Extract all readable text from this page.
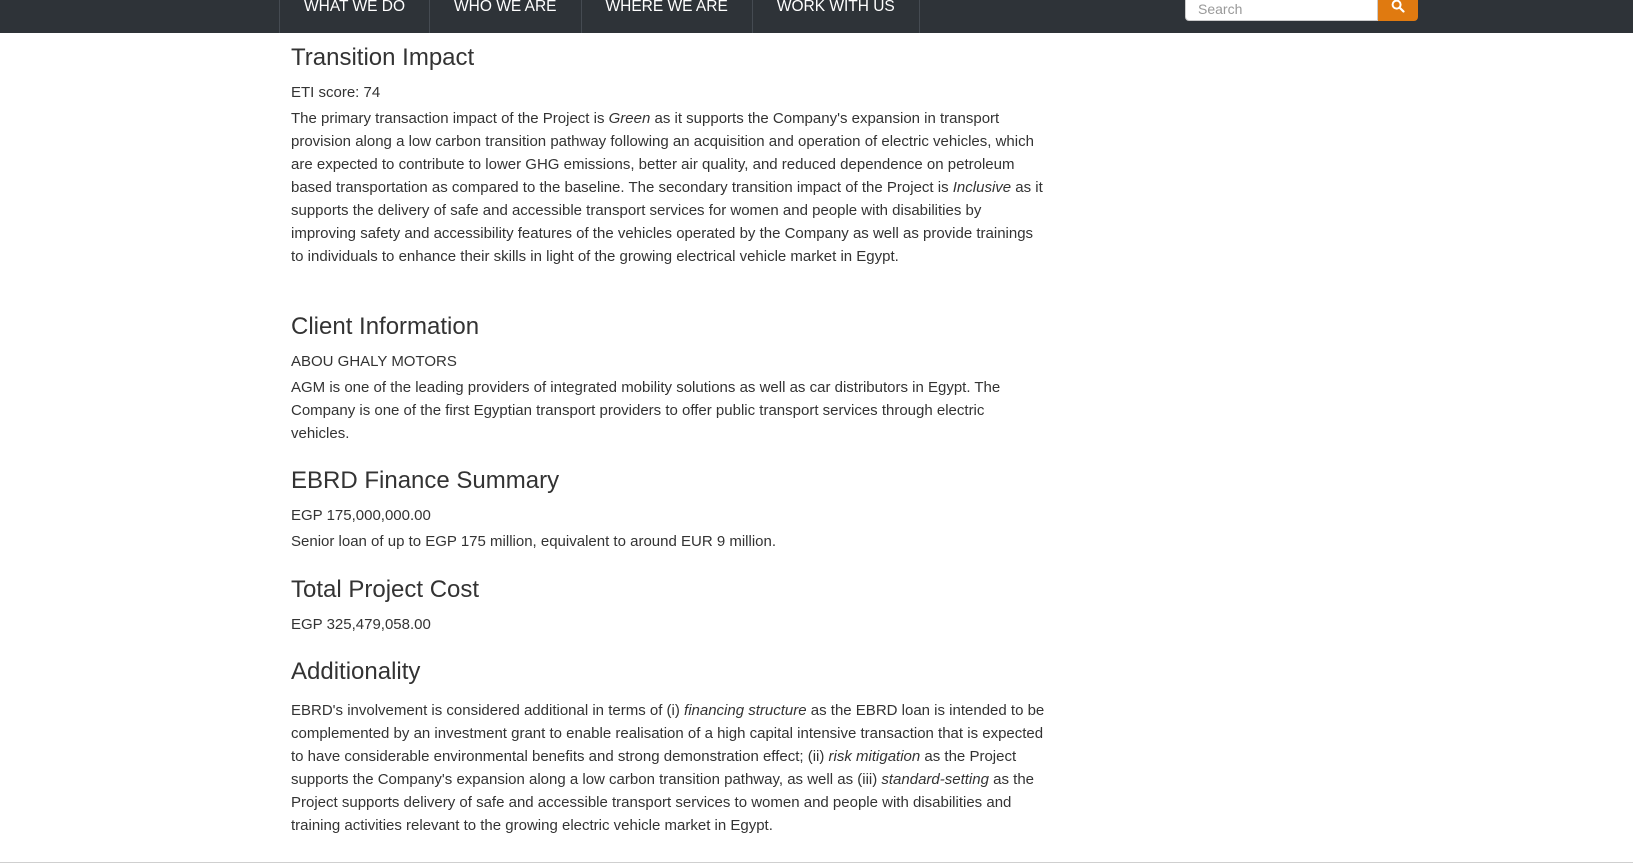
WHAT WE DO	WHO WE ARE	WHERE WE ARE	WORK WITH US
Search
Transition Impact

ETI score: 74

The primary transaction impact of the Project is Green as it supports the Company's expansion in transport provision along a low carbon transition pathway following an acquisition and operation of electric vehicles, which are expected to contribute to lower GHG emissions, better air quality, and reduced dependence on petroleum based transportation as compared to the baseline. The secondary transition impact of the Project is Inclusive as it supports the delivery of safe and accessible transport services for women and people with disabilities by improving safety and accessibility features of the vehicles operated by the Company as well as provide trainings to individuals to enhance their skills in light of the growing electrical vehicle market in Egypt.

Client Information

ABOU GHALY MOTORS

AGM is one of the leading providers of integrated mobility solutions as well as car distributors in Egypt. The Company is one of the first Egyptian transport providers to offer public transport services through electric vehicles.

EBRD Finance Summary

EGP 175,000,000.00

Senior loan of up to EGP 175 million, equivalent to around EUR 9 million.

Total Project Cost

EGP 325,479,058.00

Additionality

EBRD's involvement is considered additional in terms of (i) financing structure as the EBRD loan is intended to be complemented by an investment grant to enable realisation of a high capital intensive transaction that is expected to have considerable environmental benefits and strong demonstration effect; (ii) risk mitigation as the Project supports the Company's expansion along a low carbon transition pathway, as well as (iii) standard-setting as the Project supports delivery of safe and accessible transport services to women and people with disabilities and training activities relevant to the growing electric vehicle market in Egypt.
